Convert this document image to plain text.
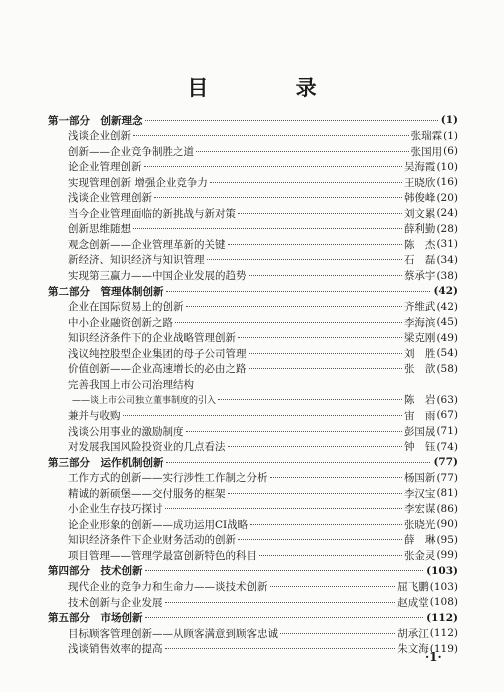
目 录
第一部分　创新理念	(1)
浅谈企业创新	张瑞霖 (1)
创新——企业竞争制胜之道	张国用 (6)
论企业管理创新	吴海霞 (10)
实现管理创新 增强企业竞争力	王晓欣 (16)
浅谈企业管理创新	韩俊峰 (20)
当今企业管理面临的新挑战与新对策	刘文累 (24)
创新思维随想	薛利勤 (28)
观念创新——企业管理革新的关键	陈　杰 (31)
新经济、知识经济与知识管理	石　磊 (34)
实现第三赢力——中国企业发展的趋势	蔡承宇 (38)
第二部分　管理体制创新	(42)
企业在国际贸易上的创新	齐维武 (42)
中小企业融资创新之路	李海滨 (45)
知识经济条件下的企业战略管理创新	梁克刚 (49)
浅议纯控股型企业集团的母子公司管理	刘　胜 (54)
价值创新——企业高速增长的必由之路	张　歆 (58)
完善我国上市公司治理结构
——谈上市公司独立董事制度的引入	陈　岩 (63)
兼并与收购	宙　雨 (67)
浅谈公用事业的激励制度	彭国晟 (71)
对发展我国风险投资业的几点看法	钟　钰 (74)
第三部分　运作机制创新	(77)
工作方式的创新——实行涉性工作制之分析	杨国新 (77)
精诚的新硕堡——交付服务的框架	李汉宝 (81)
小企业生存技巧探讨	李宏谋 (86)
论企业形象的创新——成功运用CI战略	张晓光 (90)
知识经济条件下企业财务活动的创新	薛　琳 (95)
项目管理——管理学最富创新特色的科目	张金灵 (99)
第四部分　技术创新	(103)
现代企业的竞争力和生命力——谈技术创新	屈飞鹏 (103)
技术创新与企业发展	赵成堂 (108)
第五部分　市场创新	(112)
目标顾客管理创新——从顾客满意到顾客忠诚	胡承江 (112)
浅谈销售效率的提高	朱文海 (119)
·1·
